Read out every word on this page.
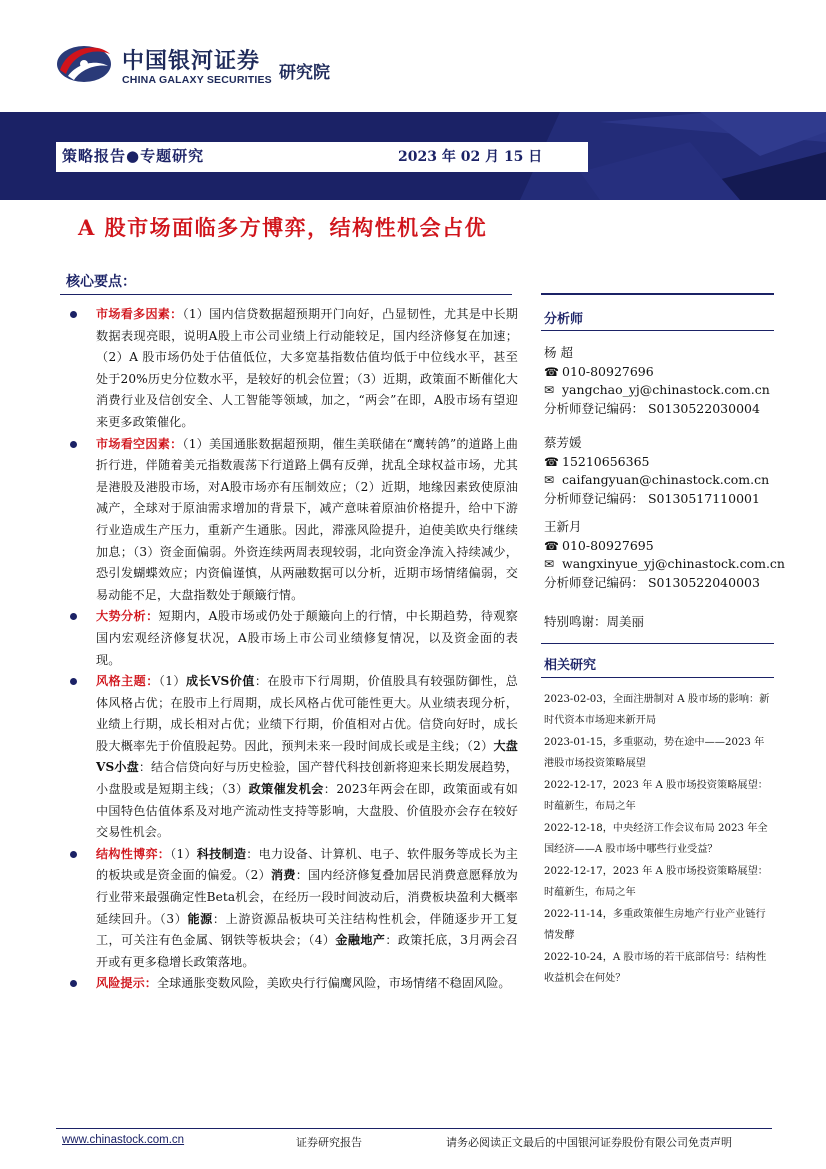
中国银河证券
CHINA GALAXY SECURITIES 研究院
策略报告●专题研究	2023 年 02 月 15 日
A 股市场面临多方博弈，结构性机会占优
核心要点：
市场看多因素：（1）国内信贷数据超预期开门向好，凸显韧性，尤其是中长期数据表现亮眼，说明A股上市公司业绩上行动能较足，国内经济修复在加速；（2）A 股市场仍处于估值低位，大多宽基指数估值均低于中位线水平，甚至处于20%历史分位数水平，是较好的机会位置；（3）近期，政策面不断催化大消费行业及信创安全、人工智能等领域，加之，“两会”在即，A股市场有望迎来更多政策催化。
市场看空因素：（1）美国通胀数据超预期，催生美联储在“鹰转鸽”的道路上曲折行进，伴随着美元指数震荡下行道路上偶有反弹，扰乱全球权益市场，尤其是港股及港股市场，对A股市场亦有压制效应；（2）近期，地缘因素致使原油减产，全球对于原油需求增加的背景下，减产意味着原油价格提升，给中下游行业造成生产压力，重新产生通胀。因此，滞涨风险提升，迫使美欧央行继续加息；（3）资金面偏弱。外资连续两周表现较弱，北向资金净流入持续减少，恐引发蝴蝶效应；内资偏谨慎，从两融数据可以分析，近期市场情绪偏弱，交易动能不足，大盘指数处于颠簸行情。
大势分析：短期内，A股市场或仍处于颠簸向上的行情，中长期趋势，待观察国内宏观经济修复状况，A股市场上市公司业绩修复情况，以及资金面的表现。
风格主题：（1）成长VS价值：在股市下行周期，价值股具有较强防御性，总体风格占优；在股市上行周期，成长风格占优可能性更大。从业绩表现分析，业绩上行期，成长相对占优；业绩下行期，价值相对占优。信贷向好时，成长股大概率先于价值股起势。因此，预判未来一段时间成长或是主线；（2）大盘VS小盘：结合信贷向好与历史检验，国产替代科技创新将迎来长期发展趋势，小盘股或是短期主线；（3）政策催发机会：2023年两会在即，政策面或有如中国特色估值体系及对地产流动性支持等影响，大盘股、价值股亦会存在较好交易性机会。
结构性博弈：（1）科技制造：电力设备、计算机、电子、软件服务等成长为主的板块或是资金面的偏爱。（2）消费：国内经济修复叠加居民消费意愿释放为行业带来最强确定性Beta机会，在经历一段时间波动后，消费板块盈利大概率延续回升。（3）能源：上游资源品板块可关注结构性机会，伴随逐步开工复工，可关注有色金属、钢铁等板块会；（4）金融地产：政策托底，3月两会召开或有更多稳增长政策落地。
风险提示：全球通胀变数风险，美欧央行行偏鹰风险，市场情绪不稳固风险。
分析师
杨 超
☎ 010-80927696
✉ yangchao_yj@chinastock.com.cn
分析师登记编码： S0130522030004
蔡芳媛
☎ 15210656365
✉ caifangyuan@chinastock.com.cn
分析师登记编码： S0130517110001
王新月
☎ 010-80927695
✉ wangxinyue_yj@chinastock.com.cn
分析师登记编码： S0130522040003
特别鸣谢：周美丽
相关研究
2023-02-03，全面注册制对 A 股市场的影响：新时代资本市场迎来新开局
2023-01-15，多重驱动，势在途中——2023 年港股市场投资策略展望
2022-12-17，2023 年 A 股市场投资策略展望：时蕴新生，布局之年
2022-12-18，中央经济工作会议布局 2023 年全国经济——A 股市场中哪些行业受益？
2022-12-17，2023 年 A 股市场投资策略展望：时蕴新生，布局之年
2022-11-14，多重政策催生房地产行业产业链行情发酵
2022-10-24，A 股市场的若干底部信号：结构性收益机会在何处？
www.chinastock.com.cn	证券研究报告	请务必阅读正文最后的中国银河证券股份有限公司免责声明
